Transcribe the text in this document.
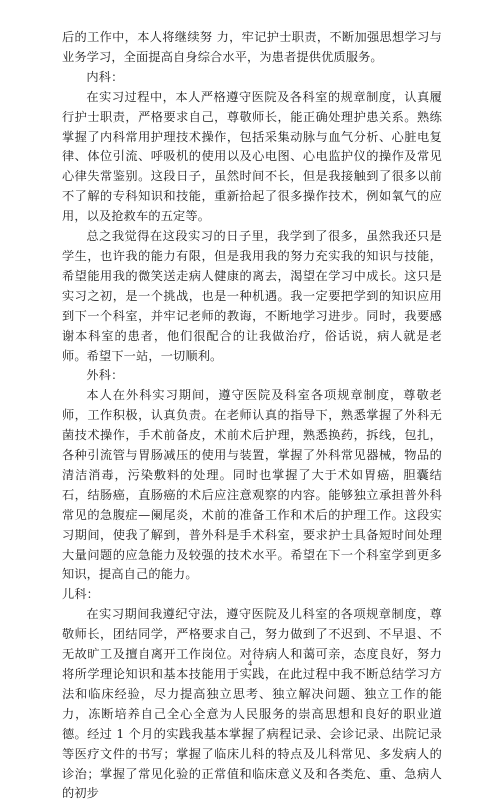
后的工作中，本人将继续努 力，牢记护士职责，不断加强思想学习与业务学习，全面提高自身综合水平，为患者提供优质服务。

内科：

在实习过程中，本人严格遵守医院及各科室的规章制度，认真履行护士职责，严格要求自己，尊敬师长，能正确处理护患关系。熟练掌握了内科常用护理技术操作，包括采集动脉与血气分析、心脏电复律、体位引流、呼吸机的使用以及心电图、心电监护仪的操作及常见心律失常鉴别。这段日子，虽然时间不长，但是我接触到了很多以前不了解的专科知识和技能，重新拾起了很多操作技术，例如氧气的应用，以及抢救车的五定等。

总之我觉得在这段实习的日子里，我学到了很多，虽然我还只是学生，也许我的能力有限，但是我用我的努力充实我的知识与技能，希望能用我的微笑送走病人健康的离去，渴望在学习中成长。这只是实习之初，是一个挑战，也是一种机遇。我一定要把学到的知识应用到下一个科室，并牢记老师的教诲，不断地学习进步。同时，我要感谢本科室的患者，他们很配合的让我做治疗，俗话说，病人就是老师。希望下一站，一切顺利。

外科：

本人在外科实习期间，遵守医院及科室各项规章制度，尊敬老师，工作积极，认真负责。在老师认真的指导下，熟悉掌握了外科无菌技术操作，手术前备皮，术前术后护理，熟悉换药，拆线，包扎，各种引流管与胃肠减压的使用与装置，掌握了外科常见器械，物品的清洁消毒，污染敷料的处理。同时也掌握了大于术如胃癌，胆囊结石，结肠癌，直肠癌的术后应注意观察的内容。能够独立承担普外科常见的急腹症—阑尾炎，术前的准备工作和术后的护理工作。这段实习期间，使我了解到，普外科是手术科室，要求护士具备短时间处理大量问题的应急能力及较强的技术水平。希望在下一个科室学到更多知识，提高自己的能力。

儿科：

在实习期间我遵纪守法，遵守医院及儿科室的各项规章制度，尊敬师长，团结同学，严格要求自己，努力做到了不迟到、不早退、不无故旷工及擅自离开工作岗位。对待病人和蔼可亲，态度良好，努力将所学理论知识和基本技能用于实践，在此过程中我不断总结学习方法和临床经验，尽力提高独立思考、独立解决问题、独立工作的能力，冻断培养自己全心全意为人民服务的崇高思想和良好的职业道德。经过 1 个月的实践我基本掌握了病程记录、会诊记录、出院记录等医疗文件的书写；掌握了临床儿科的特点及儿科常见、多发病人的诊治；掌握了常见化验的正常值和临床意义及和各类危、重、急病人的初步

4
